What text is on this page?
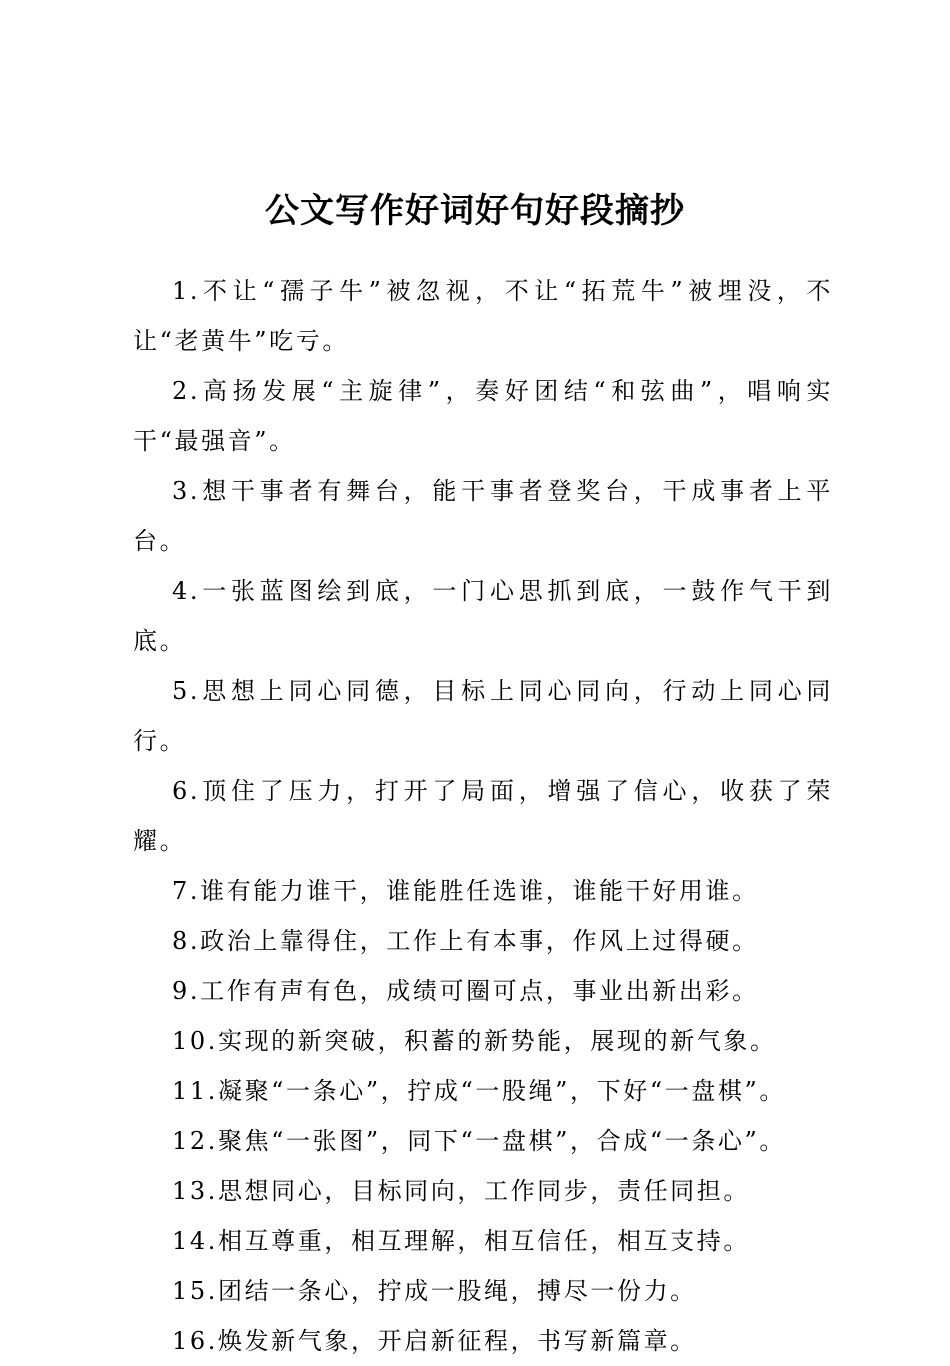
公文写作好词好句好段摘抄

1.不让“孺子牛”被忽视，不让“拓荒牛”被埋没，不让“老黄牛”吃亏。

2.高扬发展“主旋律”，奏好团结“和弦曲”，唱响实干“最强音”。

3.想干事者有舞台，能干事者登奖台，干成事者上平台。

4.一张蓝图绘到底，一门心思抓到底，一鼓作气干到底。

5.思想上同心同德，目标上同心同向，行动上同心同行。

6.顶住了压力，打开了局面，增强了信心，收获了荣耀。

7.谁有能力谁干，谁能胜任选谁，谁能干好用谁。

8.政治上靠得住，工作上有本事，作风上过得硬。

9.工作有声有色，成绩可圈可点，事业出新出彩。

10.实现的新突破，积蓄的新势能，展现的新气象。

11.凝聚“一条心”，拧成“一股绳”，下好“一盘棋”。

12.聚焦“一张图”，同下“一盘棋”，合成“一条心”。

13.思想同心，目标同向，工作同步，责任同担。

14.相互尊重，相互理解，相互信任，相互支持。

15.团结一条心，拧成一股绳，搏尽一份力。

16.焕发新气象，开启新征程，书写新篇章。
